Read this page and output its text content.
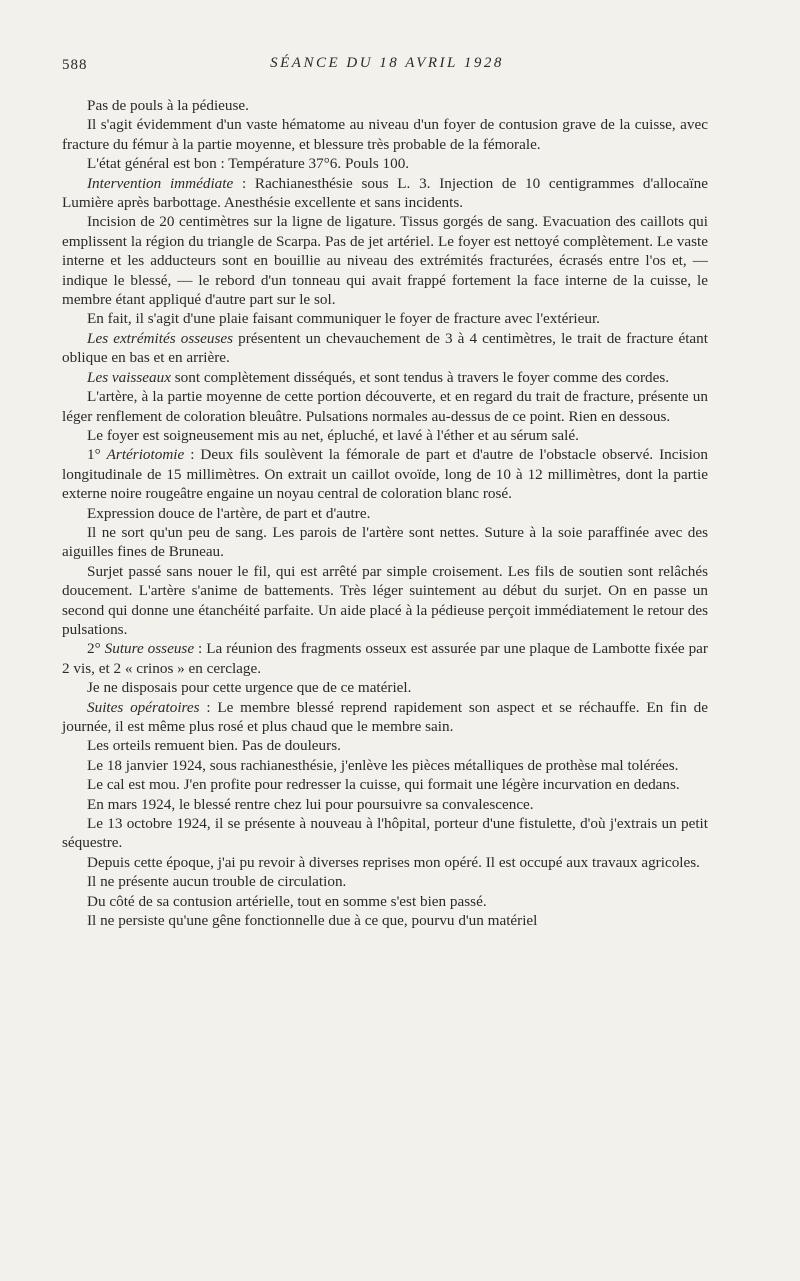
588	SÉANCE DU 18 AVRIL 1928

Pas de pouls à la pédieuse.

Il s'agit évidemment d'un vaste hématome au niveau d'un foyer de contusion grave de la cuisse, avec fracture du fémur à la partie moyenne, et blessure très probable de la fémorale.

L'état général est bon : Température 37°6. Pouls 100.

Intervention immédiate : Rachianesthésie sous L. 3. Injection de 10 centigrammes d'allocaïne Lumière après barbottage. Anesthésie excellente et sans incidents.

Incision de 20 centimètres sur la ligne de ligature. Tissus gorgés de sang. Evacuation des caillots qui emplissent la région du triangle de Scarpa. Pas de jet artériel. Le foyer est nettoyé complètement. Le vaste interne et les adducteurs sont en bouillie au niveau des extrémités fracturées, écrasés entre l'os et, — indique le blessé, — le rebord d'un tonneau qui avait frappé fortement la face interne de la cuisse, le membre étant appliqué d'autre part sur le sol.

En fait, il s'agit d'une plaie faisant communiquer le foyer de fracture avec l'extérieur.

Les extrémités osseuses présentent un chevauchement de 3 à 4 centimètres, le trait de fracture étant oblique en bas et en arrière.

Les vaisseaux sont complètement disséqués, et sont tendus à travers le foyer comme des cordes.

L'artère, à la partie moyenne de cette portion découverte, et en regard du trait de fracture, présente un léger renflement de coloration bleuâtre. Pulsations normales au-dessus de ce point. Rien en dessous.

Le foyer est soigneusement mis au net, épluché, et lavé à l'éther et au sérum salé.

1° Artériotomie : Deux fils soulèvent la fémorale de part et d'autre de l'obstacle observé. Incision longitudinale de 15 millimètres. On extrait un caillot ovoïde, long de 10 à 12 millimètres, dont la partie externe noire rougeâtre engaine un noyau central de coloration blanc rosé.

Expression douce de l'artère, de part et d'autre.

Il ne sort qu'un peu de sang. Les parois de l'artère sont nettes. Suture à la soie paraffinée avec des aiguilles fines de Bruneau.

Surjet passé sans nouer le fil, qui est arrêté par simple croisement. Les fils de soutien sont relâchés doucement. L'artère s'anime de battements. Très léger suintement au début du surjet. On en passe un second qui donne une étanchéité parfaite. Un aide placé à la pédieuse perçoit immédiatement le retour des pulsations.

2° Suture osseuse : La réunion des fragments osseux est assurée par une plaque de Lambotte fixée par 2 vis, et 2 « crinos » en cerclage.

Je ne disposais pour cette urgence que de ce matériel.

Suites opératoires : Le membre blessé reprend rapidement son aspect et se réchauffe. En fin de journée, il est même plus rosé et plus chaud que le membre sain.

Les orteils remuent bien. Pas de douleurs.

Le 18 janvier 1924, sous rachianesthésie, j'enlève les pièces métalliques de prothèse mal tolérées.

Le cal est mou. J'en profite pour redresser la cuisse, qui formait une légère incurvation en dedans.

En mars 1924, le blessé rentre chez lui pour poursuivre sa convalescence.

Le 13 octobre 1924, il se présente à nouveau à l'hôpital, porteur d'une fistulette, d'où j'extrais un petit séquestre.

Depuis cette époque, j'ai pu revoir à diverses reprises mon opéré. Il est occupé aux travaux agricoles.

Il ne présente aucun trouble de circulation.

Du côté de sa contusion artérielle, tout en somme s'est bien passé.

Il ne persiste qu'une gêne fonctionnelle due à ce que, pourvu d'un matériel
